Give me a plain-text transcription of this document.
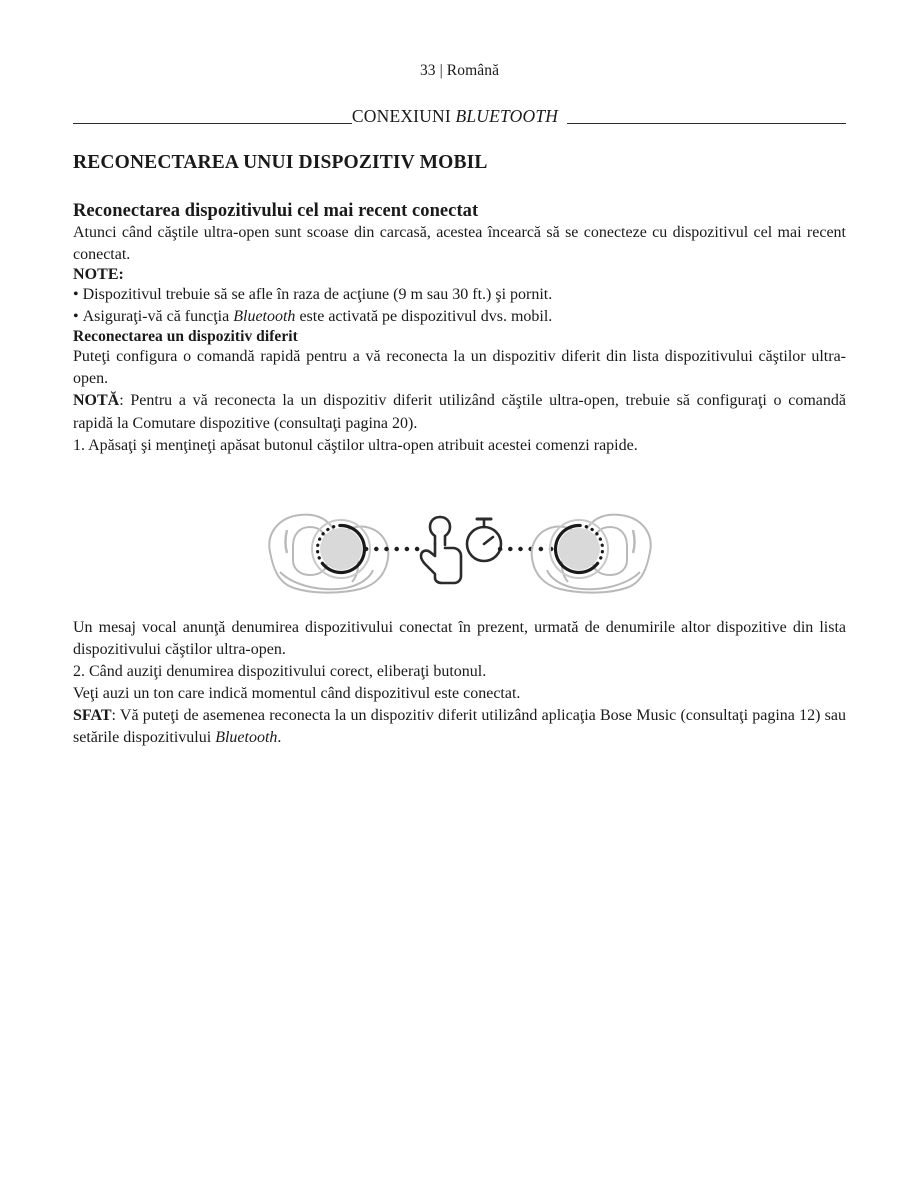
33 | Română
CONEXIUNI BLUETOOTH
RECONECTAREA UNUI DISPOZITIV MOBIL
Reconectarea dispozitivului cel mai recent conectat

Atunci când căştile ultra-open sunt scoase din carcasă, acestea încearcă să se conecteze cu dispozitivul cel mai recent conectat.

NOTE:

• Dispozitivul trebuie să se afle în raza de acţiune (9 m sau 30 ft.) şi pornit.

• Asiguraţi-vă că funcţia Bluetooth este activată pe dispozitivul dvs. mobil.

Reconectarea un dispozitiv diferit

Puteţi configura o comandă rapidă pentru a vă reconecta la un dispozitiv diferit din lista dispozitivului căştilor ultra-open.

NOTĂ: Pentru a vă reconecta la un dispozitiv diferit utilizând căştile ultra-open, trebuie să configuraţi o comandă rapidă la Comutare dispozitive (consultaţi pagina 20).

1. Apăsaţi şi menţineţi apăsat butonul căştilor ultra-open atribuit acestei comenzi rapide.

Un mesaj vocal anunţă denumirea dispozitivului conectat în prezent, urmată de denumirile altor dispozitive din lista dispozitivului căştilor ultra-open.

2. Când auziţi denumirea dispozitivului corect, eliberaţi butonul.

Veţi auzi un ton care indică momentul când dispozitivul este conectat.

SFAT: Vă puteţi de asemenea reconecta la un dispozitiv diferit utilizând aplicaţia Bose Music (consultaţi pagina 12) sau setările dispozitivului Bluetooth.
